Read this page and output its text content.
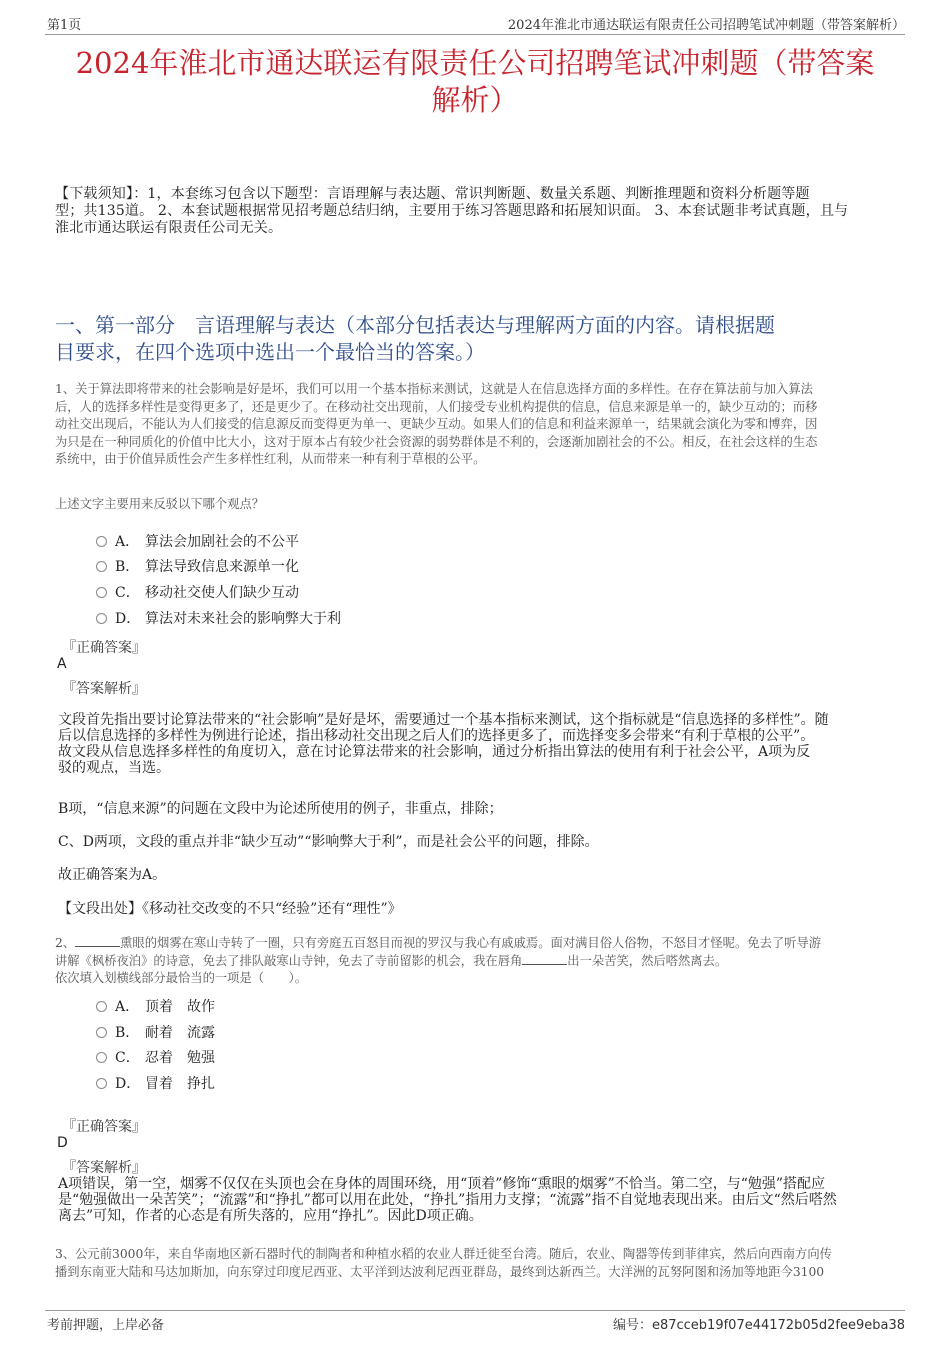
第1页	2024年淮北市通达联运有限责任公司招聘笔试冲刺题（带答案解析）
2024年淮北市通达联运有限责任公司招聘笔试冲刺题（带答案
解析）
【下载须知】：1，本套练习包含以下题型：言语理解与表达题、常识判断题、数量关系题、判断推理题和资料分析题等题
型；共135道。 2、本套试题根据常见招考题总结归纳，主要用于练习答题思路和拓展知识面。 3、本套试题非考试真题，且与
淮北市通达联运有限责任公司无关。
一、第一部分　言语理解与表达（本部分包括表达与理解两方面的内容。请根据题
目要求，在四个选项中选出一个最恰当的答案。）
1、关于算法即将带来的社会影响是好是坏，我们可以用一个基本指标来测试，这就是人在信息选择方面的多样性。在存在算法前与加入算法
后，人的选择多样性是变得更多了，还是更少了。在移动社交出现前，人们接受专业机构提供的信息，信息来源是单一的，缺少互动的；而移
动社交出现后，不能认为人们接受的信息源反而变得更为单一、更缺少互动。如果人们的信息和利益来源单一，结果就会演化为零和博弈，因
为只是在一种同质化的价值中比大小，这对于原本占有较少社会资源的弱势群体是不利的，会逐渐加剧社会的不公。相反，在社会这样的生态
系统中，由于价值异质性会产生多样性红利，从而带来一种有利于草根的公平。
上述文字主要用来反驳以下哪个观点？
A． 算法会加剧社会的不公平
B． 算法导致信息来源单一化
C． 移动社交使人们缺少互动
D． 算法对未来社会的影响弊大于利
『正确答案』
A
『答案解析』
文段首先指出要讨论算法带来的“社会影响”是好是坏，需要通过一个基本指标来测试，这个指标就是“信息选择的多样性”。随
后以信息选择的多样性为例进行论述，指出移动社交出现之后人们的选择更多了，而选择变多会带来“有利于草根的公平”。
故文段从信息选择多样性的角度切入，意在讨论算法带来的社会影响，通过分析指出算法的使用有利于社会公平，A项为反
驳的观点，当选。
B项，“信息来源”的问题在文段中为论述所使用的例子，非重点，排除；
C、D两项，文段的重点并非“缺少互动”“影响弊大于利”，而是社会公平的问题，排除。
故正确答案为A。
【文段出处】《移动社交改变的不只“经验”还有“理性”》
2、	熏眼的烟雾在寒山寺转了一圈，只有旁庭五百怒目而视的罗汉与我心有戚戚焉。面对满目俗人俗物，不怒目才怪呢。免去了听导游
讲解《枫桥夜泊》的诗意，免去了排队敲寒山寺钟，免去了寺前留影的机会，我在唇角	出一朵苦笑，然后嗒然离去。
依次填入划横线部分最恰当的一项是（　　）。
A． 顶着　故作
B． 耐着　流露
C． 忍着　勉强
D． 冒着　挣扎
『正确答案』
D
『答案解析』
A项错误，第一空，烟雾不仅仅在头顶也会在身体的周围环绕，用“顶着”修饰“熏眼的烟雾”不恰当。第二空，与“勉强”搭配应
是“勉强做出一朵苦笑”；“流露”和“挣扎”都可以用在此处，“挣扎”指用力支撑；“流露”指不自觉地表现出来。由后文“然后嗒然
离去”可知，作者的心态是有所失落的，应用“挣扎”。因此D项正确。
3、公元前3000年，来自华南地区新石器时代的制陶者和种植水稻的农业人群迁徙至台湾。随后，农业、陶器等传到菲律宾，然后向西南方向传
播到东南亚大陆和马达加斯加，向东穿过印度尼西亚、太平洋到达波利尼西亚群岛，最终到达新西兰。大洋洲的瓦努阿图和汤加等地距今3100
考前押题，上岸必备	编号：e87cceb19f07e44172b05d2fee9eba38
